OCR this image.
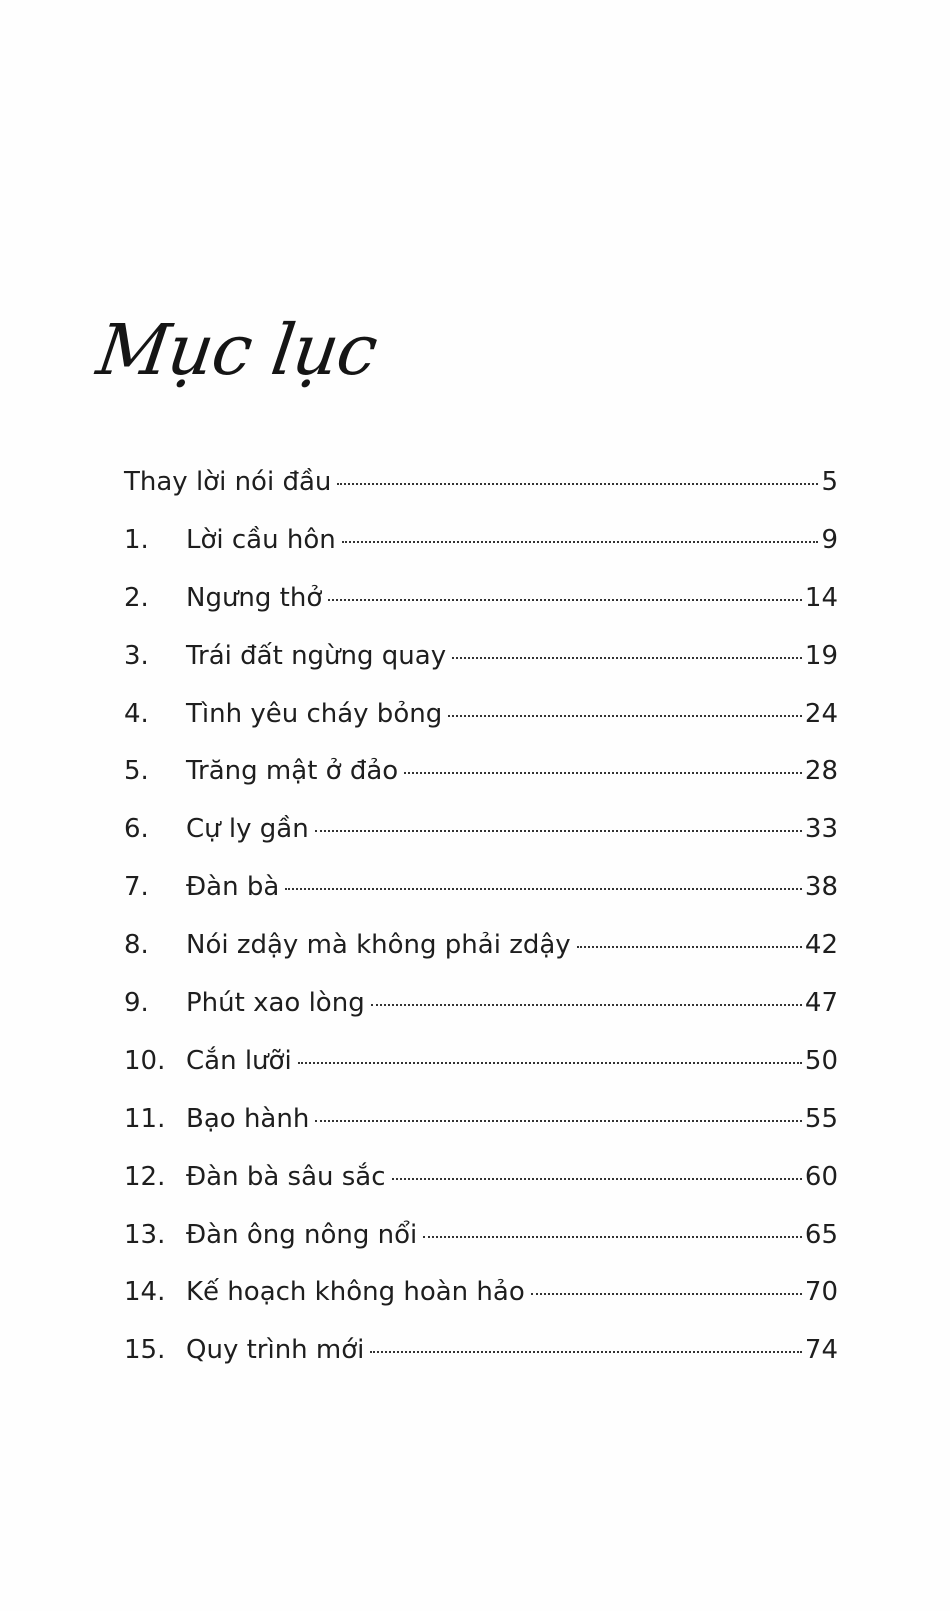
Mục lục
Thay lời nói đầu	5
1.	Lời cầu hôn	9
2.	Ngưng thở	14
3.	Trái đất ngừng quay	19
4.	Tình yêu cháy bỏng	24
5.	Trăng mật ở đảo	28
6.	Cự ly gần	33
7.	Đàn bà	38
8.	Nói zdậy mà không phải zdậy	42
9.	Phút xao lòng	47
10. Cắn lưỡi	50
11. Bạo hành	55
12. Đàn bà sâu sắc	60
13. Đàn ông nông nổi	65
14. Kế hoạch không hoàn hảo	70
15. Quy trình mới	74
